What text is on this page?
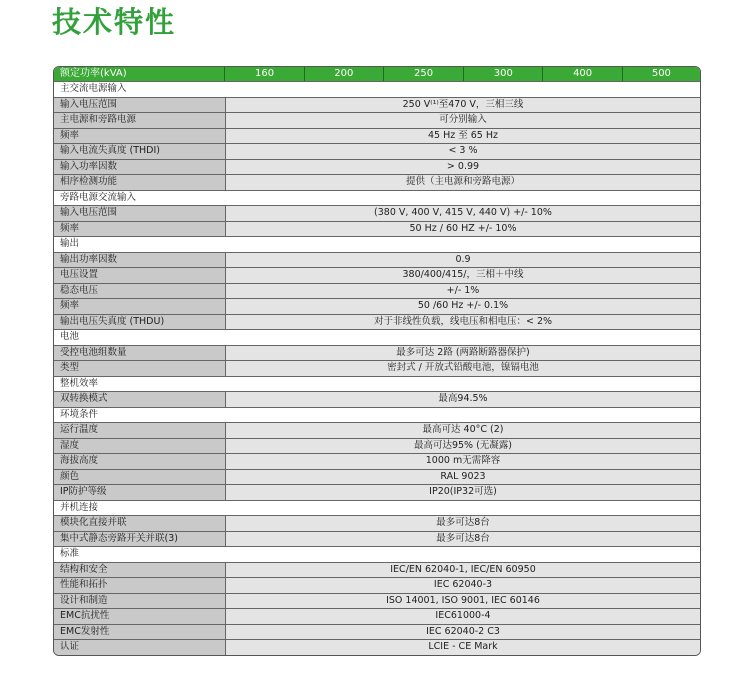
技术特性
额定功率(kVA)	160	200	250	300	400	500
主交流电源输入
输入电压范围	250 V⁽¹⁾至470 V，三相三线
主电源和旁路电源	可分别输入
频率	45 Hz 至 65 Hz
输入电流失真度 (THDI)	< 3 %
输入功率因数	> 0.99
相序检测功能	提供（主电源和旁路电源）
旁路电源交流输入
输入电压范围	(380 V, 400 V, 415 V, 440 V) +/- 10%
频率	50 Hz / 60 HZ +/- 10%
输出
输出功率因数	0.9
电压设置	380/400/415/，三相＋中线
稳态电压	+/- 1%
频率	50 /60 Hz +/- 0.1%
输出电压失真度 (THDU)	对于非线性负载，线电压和相电压：< 2%
电池
受控电池组数量	最多可达 2路 (两路断路器保护)
类型	密封式 / 开放式铅酸电池，镍镉电池
整机效率
双转换模式	最高94.5%
环境条件
运行温度	最高可达 40°C (2)
湿度	最高可达95% (无凝露)
海拔高度	1000 m无需降容
颜色	RAL 9023
IP防护等级	IP20(IP32可选)
并机连接
模块化直接并联	最多可达8台
集中式静态旁路开关并联(3)	最多可达8台
标准
结构和安全	IEC/EN 62040-1, IEC/EN 60950
性能和拓扑	IEC 62040-3
设计和制造	ISO 14001, ISO 9001, IEC 60146
EMC抗扰性	IEC61000-4
EMC发射性	IEC 62040-2 C3
认证	LCIE - CE Mark
